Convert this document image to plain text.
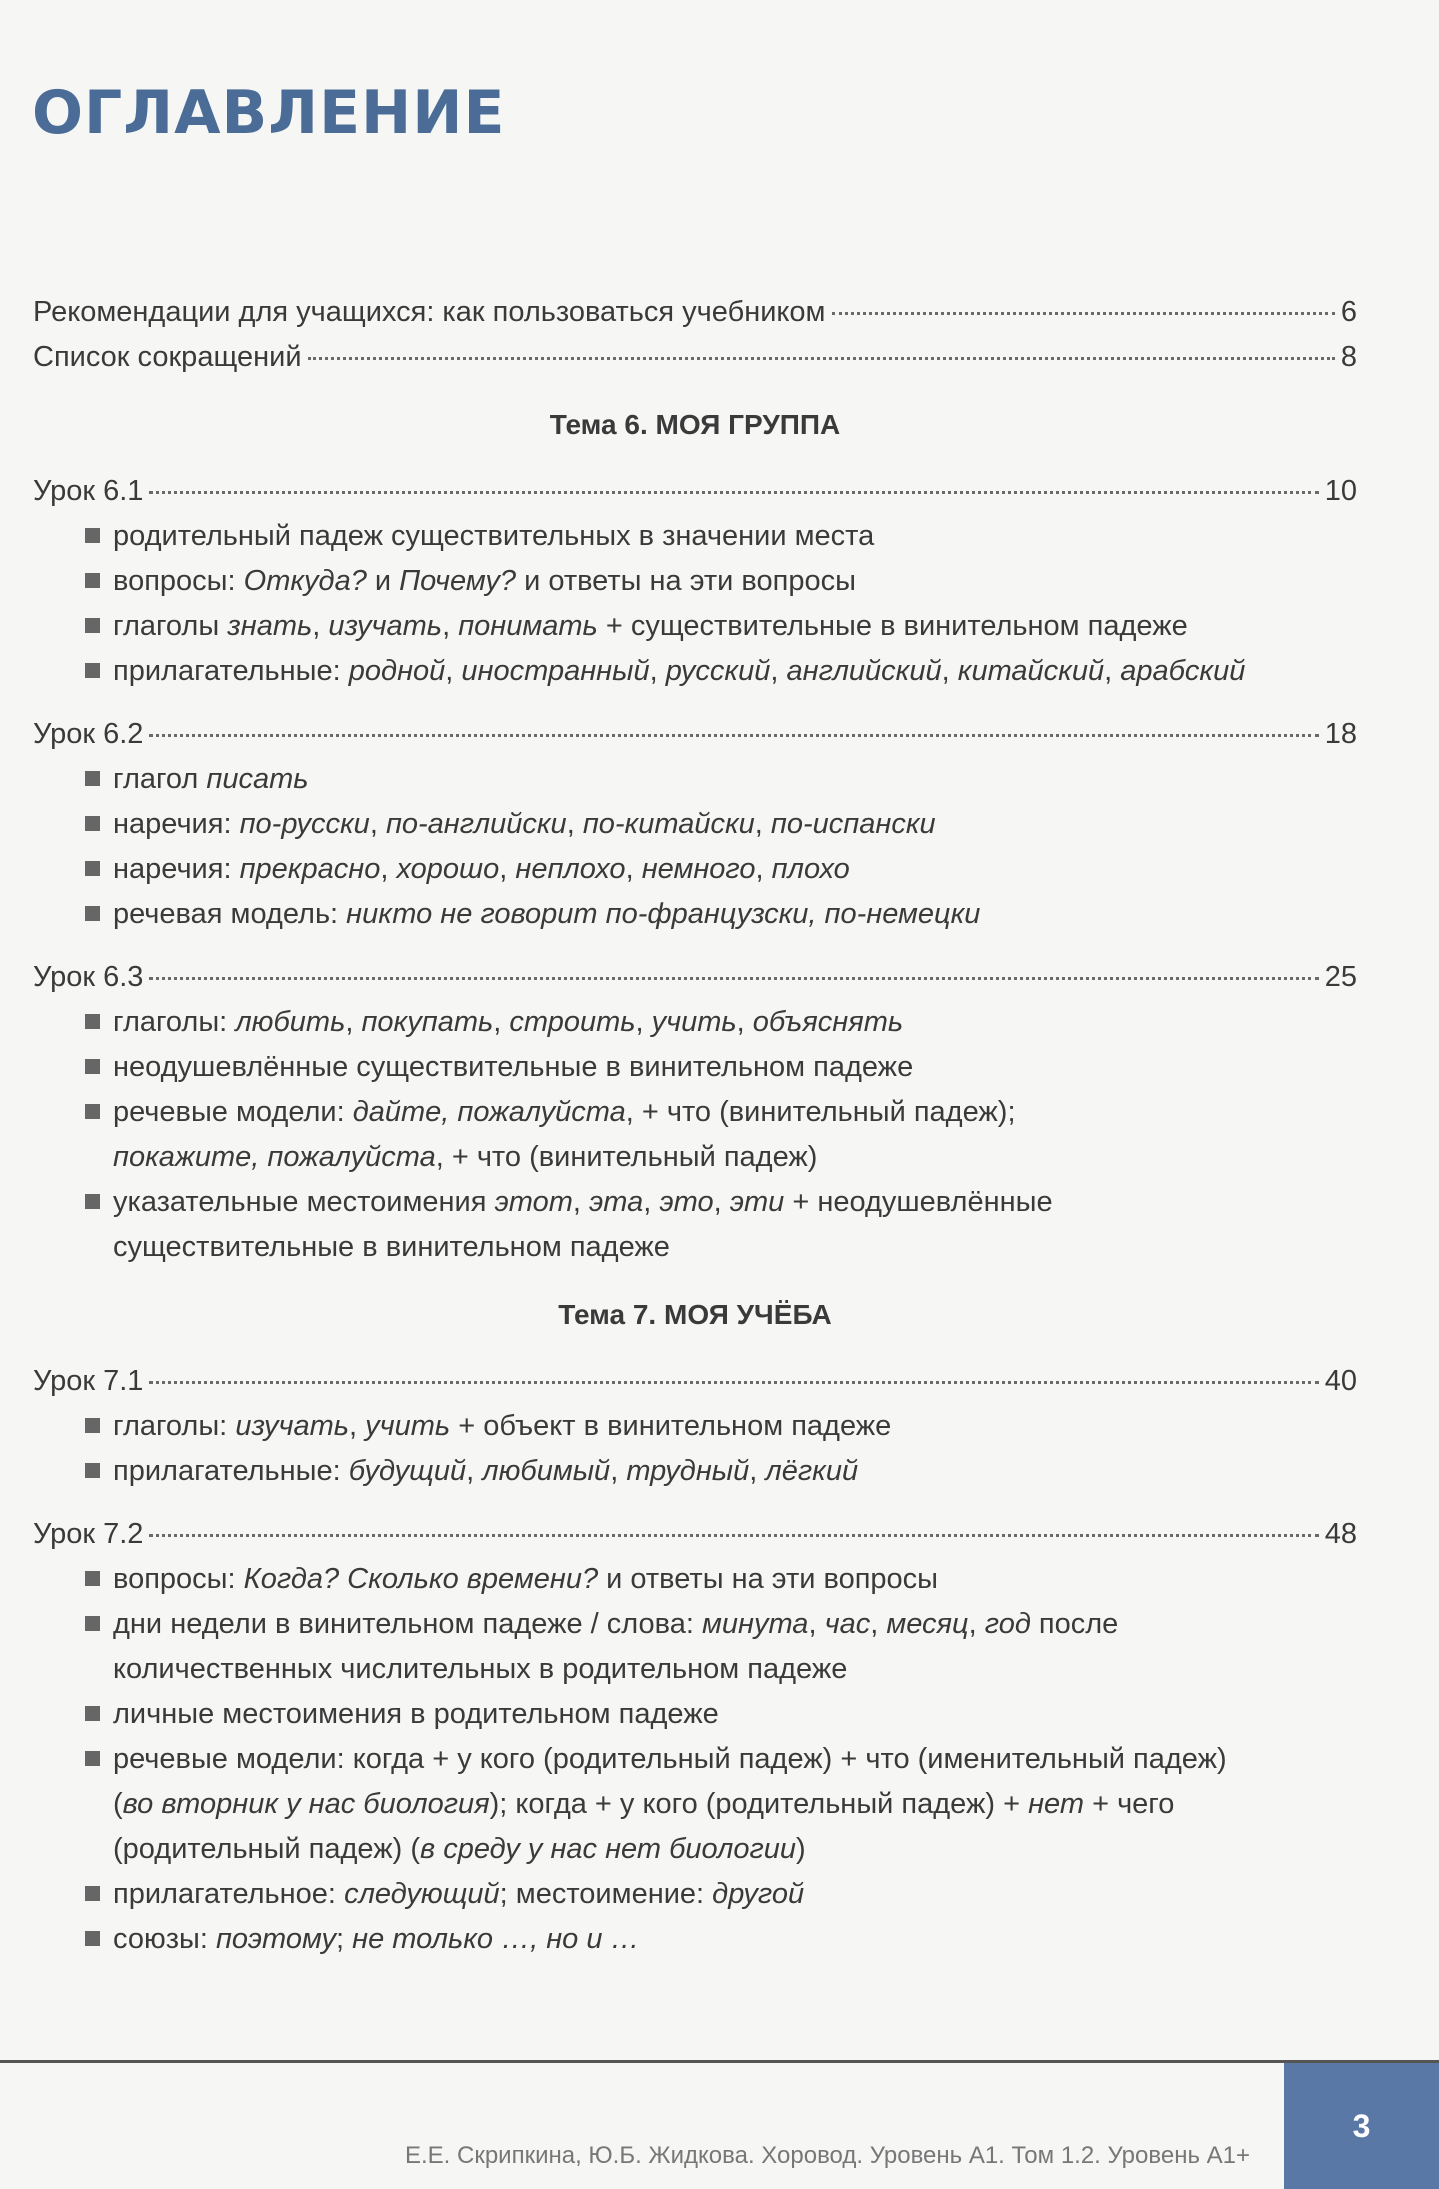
ОГЛАВЛЕНИЕ
Рекомендации для учащихся: как пользоваться учебником	6
Список сокращений	8
Тема 6. МОЯ ГРУППА
Урок 6.1	10
родительный падеж существительных в значении места
вопросы: Откуда? и Почему? и ответы на эти вопросы
глаголы знать, изучать, понимать + существительные в винительном падеже
прилагательные: родной, иностранный, русский, английский, китайский, арабский
Урок 6.2	18
глагол писать
наречия: по-русски, по-английски, по-китайски, по-испански
наречия: прекрасно, хорошо, неплохо, немного, плохо
речевая модель: никто не говорит по-французски, по-немецки
Урок 6.3	25
глаголы: любить, покупать, строить, учить, объяснять
неодушевлённые существительные в винительном падеже
речевые модели: дайте, пожалуйста, + что (винительный падеж);
покажите, пожалуйста, + что (винительный падеж)
указательные местоимения этот, эта, это, эти + неодушевлённые
существительные в винительном падеже
Тема 7. МОЯ УЧЁБА
Урок 7.1	40
глаголы: изучать, учить + объект в винительном падеже
прилагательные: будущий, любимый, трудный, лёгкий
Урок 7.2	48
вопросы: Когда? Сколько времени? и ответы на эти вопросы
дни недели в винительном падеже / слова: минута, час, месяц, год после
количественных числительных в родительном падеже
личные местоимения в родительном падеже
речевые модели: когда + у кого (родительный падеж) + что (именительный падеж)
(во вторник у нас биология); когда + у кого (родительный падеж) + нет + чего
(родительный падеж) (в среду у нас нет биологии)
прилагательное: следующий; местоимение: другой
союзы: поэтому; не только …, но и …
Е.Е. Скрипкина, Ю.Б. Жидкова. Хоровод. Уровень А1. Том 1.2. Уровень А1+
3
